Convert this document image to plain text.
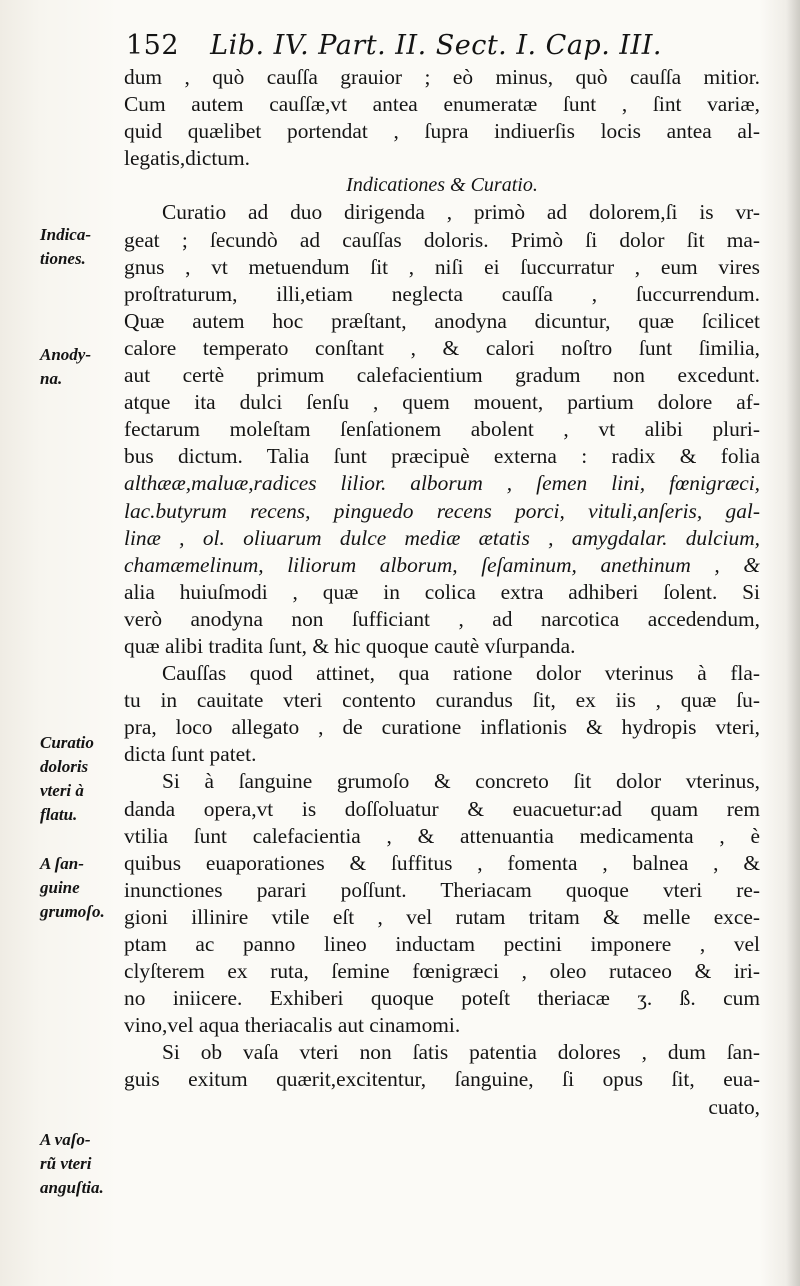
152 Lib. IV. Part. II. Sect. I. Cap. III.
Indica-
tiones.
Anody-
na.
Curatio
doloris
vteri à
flatu.
A ſan-
guine
grumoſo.
A vaſo-
rũ vteri
anguſtia.
dum , quò cauſſa grauior ; eò minus, quò cauſſa mitior.
Cum autem cauſſæ,vt antea enumeratæ ſunt , ſint variæ,
quid quælibet portendat , ſupra indiuerſis locis antea al-
legatis,dictum.
Indicationes & Curatio.
Curatio ad duo dirigenda , primò ad dolorem,ſi is vr-
geat ; ſecundò ad cauſſas doloris. Primò ſi dolor ſit ma-
gnus , vt metuendum ſit , niſi ei ſuccurratur , eum vires
proſtraturum, illi,etiam neglecta cauſſa , ſuccurrendum.
Quæ autem hoc præſtant, anodyna dicuntur, quæ ſcilicet
calore temperato conſtant , & calori noſtro ſunt ſimilia,
aut certè primum calefacientium gradum non excedunt.
atque ita dulci ſenſu , quem mouent, partium dolore af-
fectarum moleſtam ſenſationem abolent , vt alibi pluri-
bus dictum. Talia ſunt præcipuè externa : radix & folia
althææ,maluæ,radices lilior. alborum , ſemen lini, fœnigræci,
lac.butyrum recens, pinguedo recens porci, vituli,anſeris, gal-
linæ , ol. oliuarum dulce mediæ ætatis , amygdalar. dulcium,
chamæmelinum, liliorum alborum, ſeſaminum, anethinum , &
alia huiuſmodi , quæ in colica extra adhiberi ſolent. Si
verò anodyna non ſufficiant , ad narcotica accedendum,
quæ alibi tradita ſunt, & hic quoque cautè vſurpanda.
Cauſſas quod attinet, qua ratione dolor vterinus à fla-
tu in cauitate vteri contento curandus ſit, ex iis , quæ ſu-
pra, loco allegato , de curatione inflationis & hydropis vteri,
dicta ſunt patet.
Si à ſanguine grumoſo & concreto ſit dolor vterinus,
danda opera,vt is doſſoluatur & euacuetur:ad quam rem
vtilia ſunt calefacientia , & attenuantia medicamenta , è
quibus euaporationes & ſuffitus , fomenta , balnea , &
inunctiones parari poſſunt. Theriacam quoque vteri re-
gioni illinire vtile eſt , vel rutam tritam & melle exce-
ptam ac panno lineo inductam pectini imponere , vel
clyſterem ex ruta, ſemine fœnigræci , oleo rutaceo & iri-
no iniicere. Exhiberi quoque poteſt theriacæ ʒ. ß. cum
vino,vel aqua theriacalis aut cinamomi.
Si ob vaſa vteri non ſatis patentia dolores , dum ſan-
guis exitum quærit,excitentur, ſanguine, ſi opus ſit, eua-
cuato,
